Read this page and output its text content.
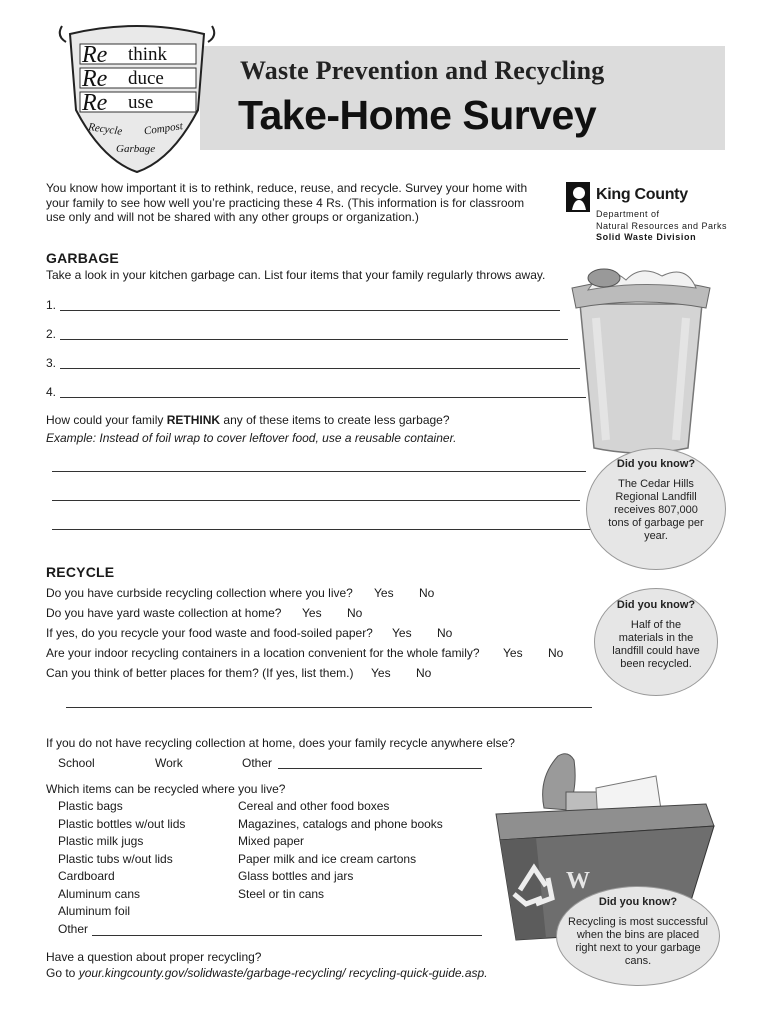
Re think
Re duce
Re use
Recycle Compost
Garbage
Waste Prevention and Recycling
Take-Home Survey
You know how important it is to rethink, reduce, reuse, and recycle. Survey your home with your family to see how well you’re practicing these 4 Rs. (This information is for classroom use only and will not be shared with any other groups or organization.)
King County
Department of
Natural Resources and Parks
Solid Waste Division
GARBAGE
Take a look in your kitchen garbage can. List four items that your family regularly throws away.
1.
2.
3.
4.
How could your family RETHINK any of these items to create less garbage?
Example: Instead of foil wrap to cover leftover food, use a reusable container.
Did you know?
The Cedar Hills Regional Landfill receives 807,000 tons of garbage per year.
RECYCLE
Do you have curbside recycling collection where you live? Yes No
Do you have yard waste collection at home? Yes No
If yes, do you recycle your food waste and food-soiled paper? Yes No
Are your indoor recycling containers in a location convenient for the whole family? Yes No
Can you think of better places for them? (If yes, list them.) Yes No
Did you know?
Half of the materials in the landfill could have been recycled.
If you do not have recycling collection at home, does your family recycle anywhere else?
School	Work	Other
Which items can be recycled where you live?
Plastic bags
Plastic bottles w/out lids
Plastic milk jugs
Plastic tubs w/out lids
Cardboard
Aluminum cans
Aluminum foil
Other
Cereal and other food boxes
Magazines, catalogs and phone books
Mixed paper
Paper milk and ice cream cartons
Glass bottles and jars
Steel or tin cans
Have a question about proper recycling?
Go to your.kingcounty.gov/solidwaste/garbage-recycling/ recycling-quick-guide.asp.
W
Did you know?
Recycling is most successful when the bins are placed right next to your garbage cans.
